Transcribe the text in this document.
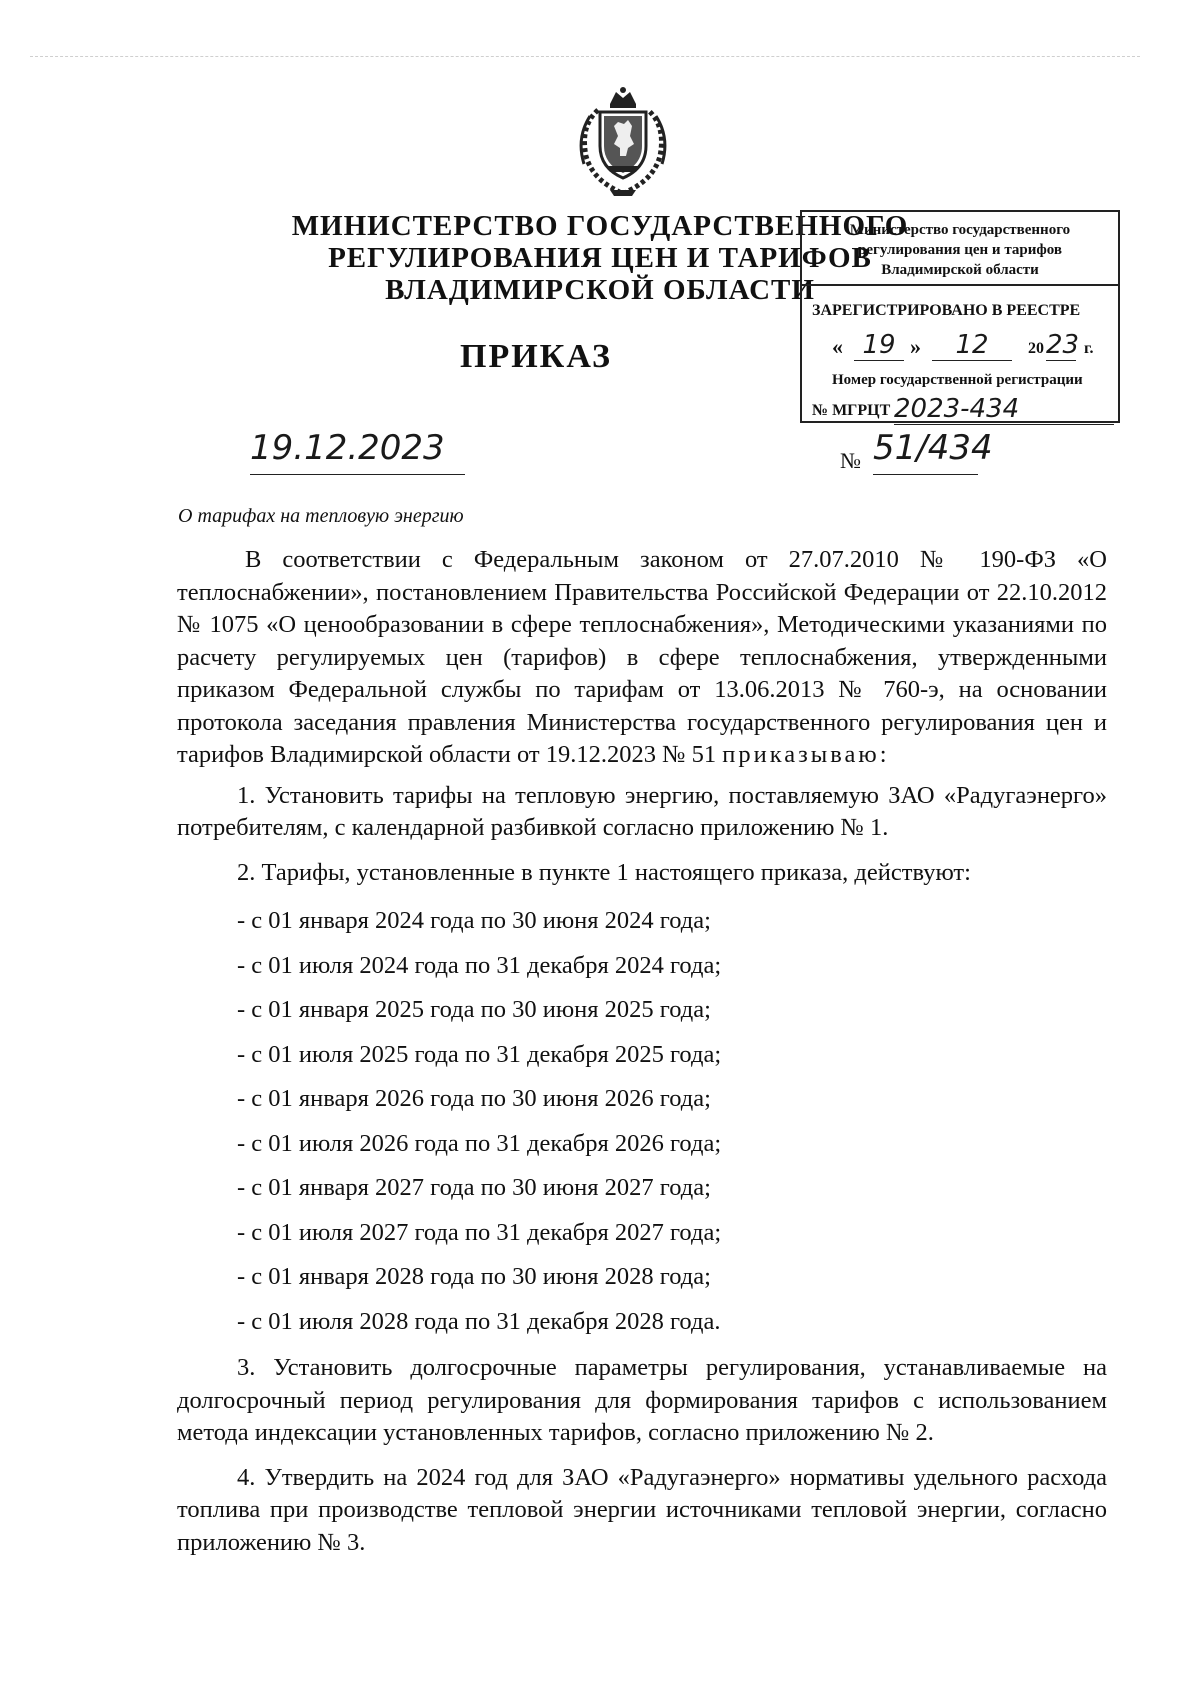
МИНИСТЕРСТВО ГОСУДАРСТВЕННОГО
РЕГУЛИРОВАНИЯ ЦЕН И ТАРИФОВ
ВЛАДИМИРСКОЙ ОБЛАСТИ
Министерство государственного
регулирования цен и тарифов
Владимирской области
ЗАРЕГИСТРИРОВАНО В РЕЕСТРЕ
« 19 »	12	20 23 г.
Номер государственной регистрации
№ МГРЦТ 2023-434
ПРИКАЗ
19.12.2023	№ 51/434
О тарифах на тепловую энергию

В соответствии с Федеральным законом от 27.07.2010 № 190-ФЗ «О теплоснабжении», постановлением Правительства Российской Федерации от 22.10.2012 № 1075 «О ценообразовании в сфере теплоснабжения», Методическими указаниями по расчету регулируемых цен (тарифов) в сфере теплоснабжения, утвержденными приказом Федеральной службы по тарифам от 13.06.2013 № 760-э, на основании протокола заседания правления Министерства государственного регулирования цен и тарифов Владимирской области от 19.12.2023 № 51 приказываю:

1. Установить тарифы на тепловую энергию, поставляемую ЗАО «Радугаэнерго» потребителям, с календарной разбивкой согласно приложению № 1.

2. Тарифы, установленные в пункте 1 настоящего приказа, действуют:

- с 01 января 2024 года по 30 июня 2024 года;
- с 01 июля 2024 года по 31 декабря 2024 года;
- с 01 января 2025 года по 30 июня 2025 года;
- с 01 июля 2025 года по 31 декабря 2025 года;
- с 01 января 2026 года по 30 июня 2026 года;
- с 01 июля 2026 года по 31 декабря 2026 года;
- с 01 января 2027 года по 30 июня 2027 года;
- с 01 июля 2027 года по 31 декабря 2027 года;
- с 01 января 2028 года по 30 июня 2028 года;
- с 01 июля 2028 года по 31 декабря 2028 года.

3. Установить долгосрочные параметры регулирования, устанавливаемые на долгосрочный период регулирования для формирования тарифов с использованием метода индексации установленных тарифов, согласно приложению № 2.

4. Утвердить на 2024 год для ЗАО «Радугаэнерго» нормативы удельного расхода топлива при производстве тепловой энергии источниками тепловой энергии, согласно приложению № 3.
